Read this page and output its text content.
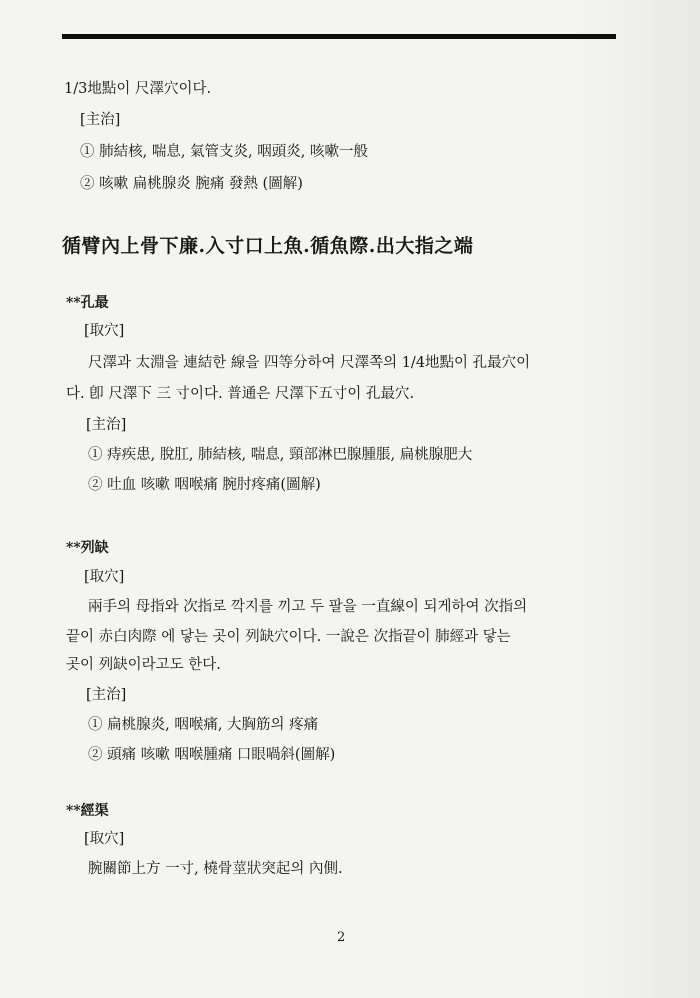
1/3地點이 尺澤穴이다.
[主治]
① 肺結核, 喘息, 氣管支炎, 咽頭炎, 咳嗽一般
② 咳嗽 扁桃腺炎 腕痛 發熱 (圖解)
循臂內上骨下廉.入寸口上魚.循魚際.出大指之端
**孔最
[取穴]
尺澤과 太淵을 連結한 線을 四等分하여 尺澤쪽의 1/4地點이 孔最穴이
다. 卽 尺澤下 三 寸이다. 普通은 尺澤下五寸이 孔最穴.
[主治]
① 痔疾患, 脫肛, 肺結核, 喘息, 頸部淋巴腺腫脹, 扁桃腺肥大
② 吐血 咳嗽 咽喉痛 腕肘疼痛(圖解)
**列缺
[取穴]
兩手의 母指와 次指로 깍지를 끼고 두 팔을 一直線이 되게하여 次指의
끝이 赤白肉際 에 닿는 곳이 列缺穴이다. 一說은 次指끝이 肺經과 닿는
곳이 列缺이라고도 한다.
[主治]
① 扁桃腺炎, 咽喉痛, 大胸筋의 疼痛
② 頭痛 咳嗽 咽喉腫痛 口眼喎斜(圖解)
**經渠
[取穴]
腕關節上方 一寸, 橈骨莖狀突起의 內側.
2
